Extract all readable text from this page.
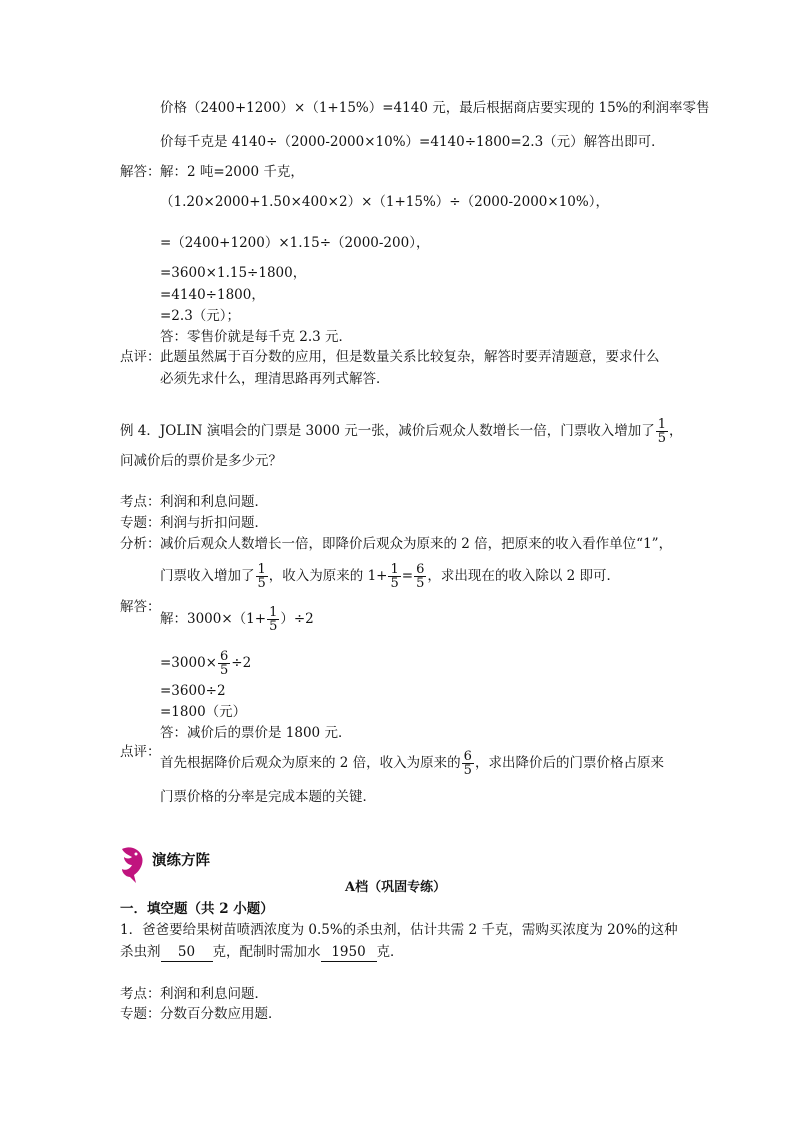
价格（2400+1200）×（1+15%）=4140 元，最后根据商店要实现的 15%的利润率零售
价每千克是 4140÷（2000-2000×10%）=4140÷1800=2.3（元）解答出即可．
解答： 解：2 吨=2000 千克，
（1.20×2000+1.50×400×2）×（1+15%）÷（2000-2000×10%），
=（2400+1200）×1.15÷（2000-200），
=3600×1.15÷1800，
=4140÷1800，
=2.3（元）；
答：零售价就是每千克 2.3 元．
点评： 此题虽然属于百分数的应用，但是数量关系比较复杂，解答时要弄清题意，要求什么
必须先求什么，理清思路再列式解答．
例 4．JOLIN 演唱会的门票是 3000 元一张，减价后观众人数增长一倍，门票收入增加了 $\frac{1}{5}$ ，
问减价后的票价是多少元？
考点： 利润和利息问题．
专题： 利润与折扣问题．
分析： 减价后观众人数增长一倍，即降价后观众为原来的 2 倍，把原来的收入看作单位“1”，
门票收入增加了 $\frac{1}{5}$ ，收入为原来的 $1+ \frac{1}{5} = \frac{6}{5}$ ，求出现在的收入除以 2 即可．
解答：
解：$3000\times(1+ \frac{1}{5} )\div 2$
$=3000\times \frac{6}{5} \div 2$
=3600÷2
=1800（元）
答：减价后的票价是 1800 元．
点评：
首先根据降价后观众为原来的 2 倍，收入为原来的 $\frac{6}{5}$ ，求出降价后的门票价格占原来
门票价格的分率是完成本题的关键．
演练方阵
A档（巩固专练）
一．填空题（共 2 小题）
1．爸爸要给果树苗喷洒浓度为 0.5%的杀虫剂，估计共需 2 千克，需购买浓度为 20%的这种
杀虫剂 50 克，配制时需加水 1950 克．
考点： 利润和利息问题．
专题： 分数百分数应用题．
